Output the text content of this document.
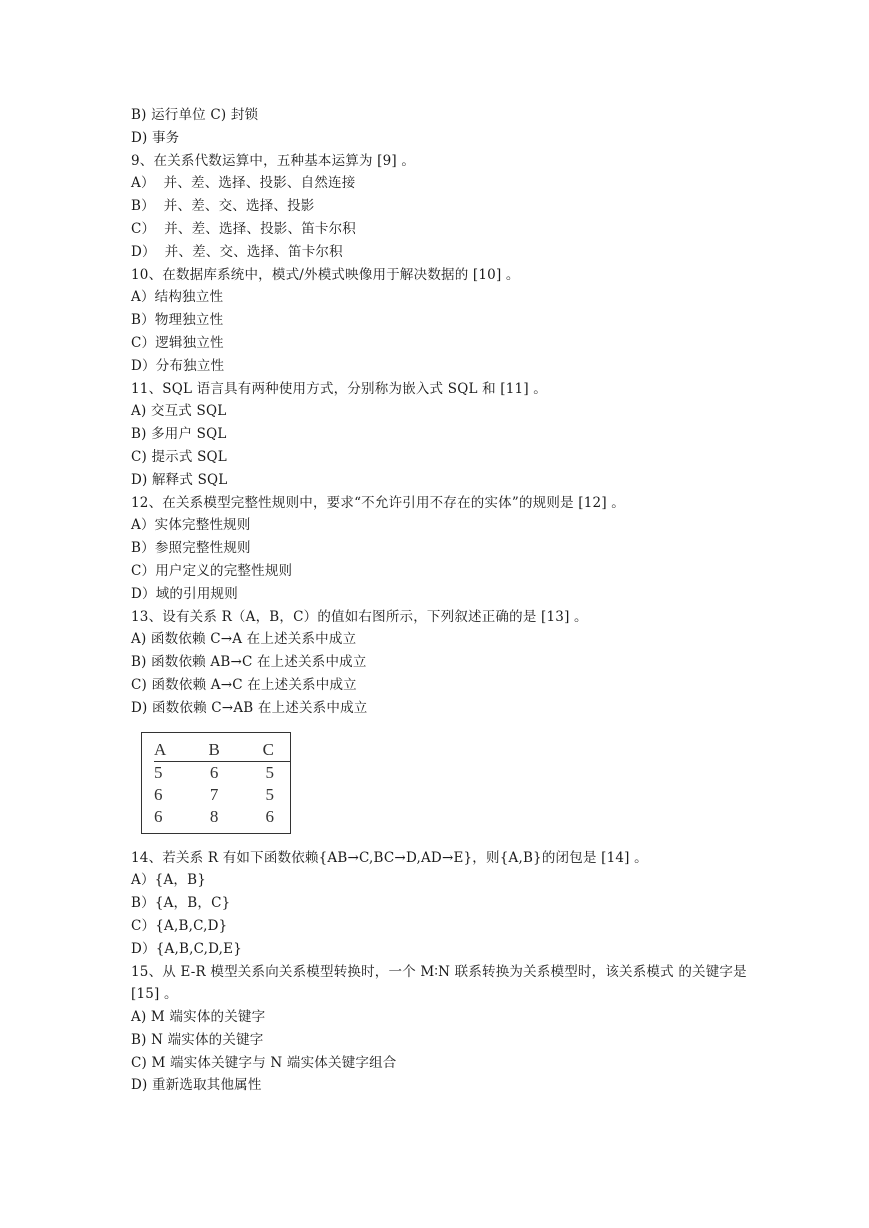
B) 运行单位 C) 封锁
D) 事务
9、在关系代数运算中，五种基本运算为 [9] 。
A）  并、差、选择、投影、自然连接
B）  并、差、交、选择、投影
C）  并、差、选择、投影、笛卡尔积
D）  并、差、交、选择、笛卡尔积
10、在数据库系统中，模式/外模式映像用于解决数据的 [10] 。
A）结构独立性
B）物理独立性
C）逻辑独立性
D）分布独立性
11、SQL 语言具有两种使用方式，分别称为嵌入式 SQL 和 [11] 。
A) 交互式 SQL
B) 多用户 SQL
C) 提示式 SQL
D) 解释式 SQL
12、在关系模型完整性规则中，要求“不允许引用不存在的实体”的规则是 [12] 。
A）实体完整性规则
B）参照完整性规则
C）用户定义的完整性规则
D）域的引用规则
13、设有关系 R（A，B，C）的值如右图所示，下列叙述正确的是 [13] 。
A) 函数依赖 C→A 在上述关系中成立
B) 函数依赖 AB→C 在上述关系中成立
C) 函数依赖 A→C 在上述关系中成立
D) 函数依赖 C→AB 在上述关系中成立
A	B	C
5	6	5
6	7	5
6	8	6
14、若关系 R 有如下函数依赖{AB→C,BC→D,AD→E}，则{A,B}的闭包是 [14] 。
A）{A，B}
B）{A，B，C}
C）{A,B,C,D}
D）{A,B,C,D,E}
15、从 E-R 模型关系向关系模型转换时，一个 M∶N 联系转换为关系模型时，该关系模式 的关键字是 [15] 。
A) M 端实体的关键字
B) N 端实体的关键字
C) M 端实体关键字与 N 端实体关键字组合
D) 重新选取其他属性
